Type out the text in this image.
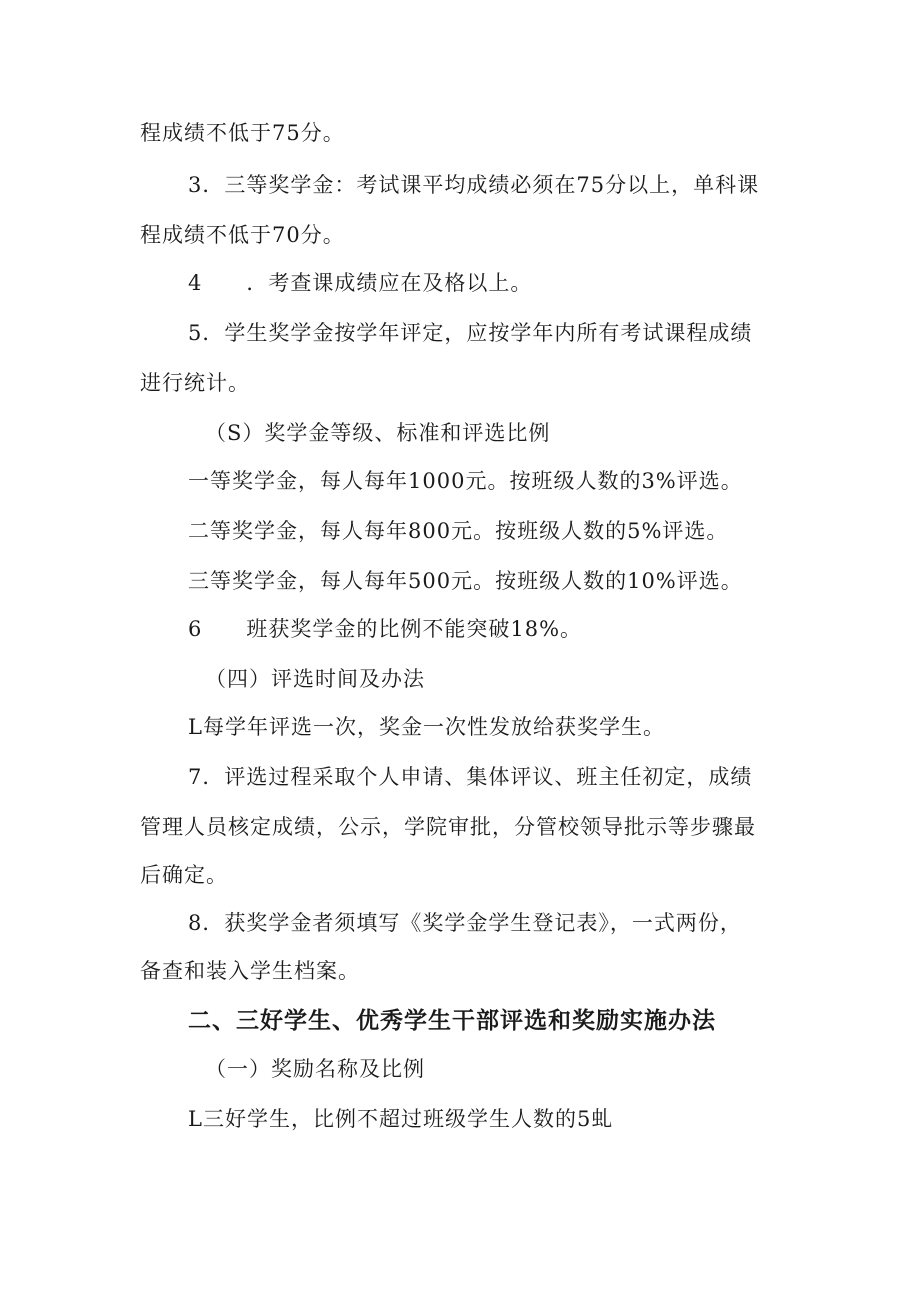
程成绩不低于75分。
3．三等奖学金：考试课平均成绩必须在75分以上，单科课
程成绩不低于70分。
4　　．考查课成绩应在及格以上。
5．学生奖学金按学年评定，应按学年内所有考试课程成绩
进行统计。
（S）奖学金等级、标准和评选比例
一等奖学金，每人每年1000元。按班级人数的3%评选。
二等奖学金，每人每年800元。按班级人数的5%评选。
三等奖学金，每人每年500元。按班级人数的10%评选。
6　　班获奖学金的比例不能突破18%。
（四）评选时间及办法
L每学年评选一次，奖金一次性发放给获奖学生。
7．评选过程采取个人申请、集体评议、班主任初定，成绩
管理人员核定成绩，公示，学院审批，分管校领导批示等步骤最
后确定。
8．获奖学金者须填写《奖学金学生登记表》，一式两份，
备查和装入学生档案。
二、三好学生、优秀学生干部评选和奖励实施办法
（一）奖励名称及比例
L三好学生，比例不超过班级学生人数的5虬
